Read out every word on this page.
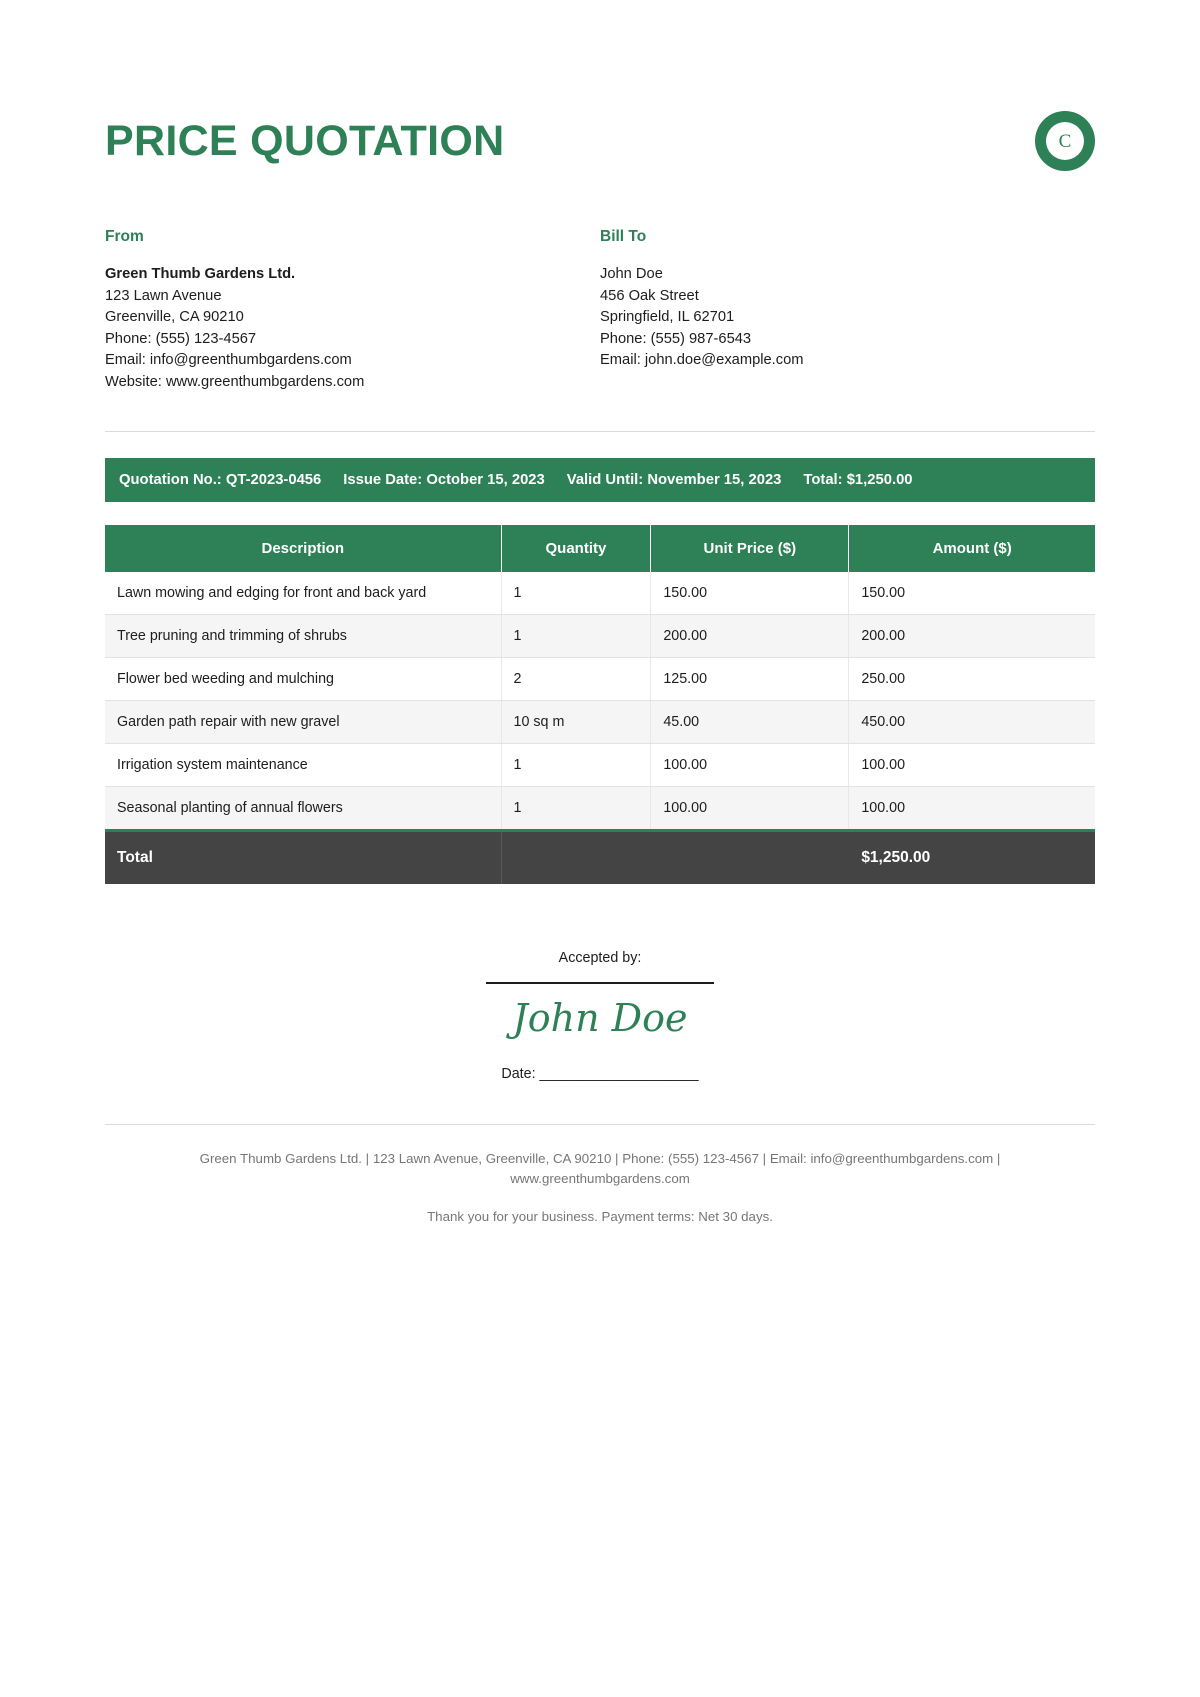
PRICE QUOTATION	C
From
Green Thumb Gardens Ltd.
123 Lawn Avenue
Greenville, CA 90210
Phone: (555) 123-4567
Email: info@greenthumbgardens.com
Website: www.greenthumbgardens.com
Bill To
John Doe
456 Oak Street
Springfield, IL 62701
Phone: (555) 987-6543
Email: john.doe@example.com
Quotation No.: QT-2023-0456 Issue Date: October 15, 2023 Valid Until: November 15, 2023 Total: $1,250.00
Description	Quantity	Unit Price ($)	Amount ($)
Lawn mowing and edging for front and back yard	1	150.00	150.00
Tree pruning and trimming of shrubs	1	200.00	200.00
Flower bed weeding and mulching	2	125.00	250.00
Garden path repair with new gravel	10 sq m	45.00	450.00
Irrigation system maintenance	1	100.00	100.00
Seasonal planting of annual flowers	1	100.00	100.00
Total			$1,250.00
Accepted by:
John Doe
Date: ____________________
Green Thumb Gardens Ltd. | 123 Lawn Avenue, Greenville, CA 90210 | Phone: (555) 123-4567 | Email: info@greenthumbgardens.com | www.greenthumbgardens.com
Thank you for your business. Payment terms: Net 30 days.
